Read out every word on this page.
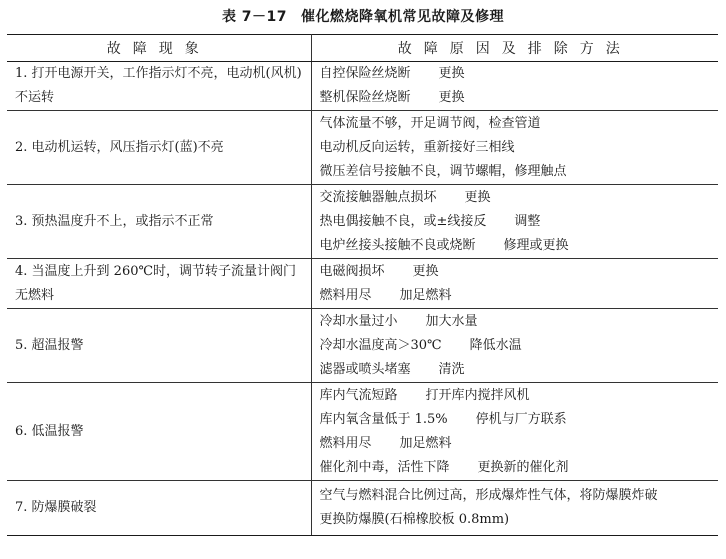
表 7－17 催化燃烧降氧机常见故障及修理
故障现象	故障原因及排除方法
1. 打开电源开关，工作指示灯不亮，电动机(风机)不运转	自控保险丝烧断 更换
整机保险丝烧断 更换

2. 电动机运转，风压指示灯(蓝)不亮	气体流量不够，开足调节阀，检查管道
电动机反向运转，重新接好三相线
微压差信号接触不良，调节螺帽，修理触点

3. 预热温度升不上，或指示不正常	交流接触器触点损坏 更换
热电偶接触不良，或±线接反 调整
电炉丝接头接触不良或烧断 修理或更换

4. 当温度上升到 260℃时，调节转子流量计阀门无燃料	电磁阀损坏 更换
燃料用尽 加足燃料

5. 超温报警	冷却水量过小 加大水量
冷却水温度高＞30℃ 降低水温
滤器或喷头堵塞 清洗

6. 低温报警	库内气流短路 打开库内搅拌风机
库内氧含量低于 1.5% 停机与厂方联系
燃料用尽 加足燃料
催化剂中毒，活性下降 更换新的催化剂

7. 防爆膜破裂	空气与燃料混合比例过高，形成爆炸性气体，将防爆膜炸破
更换防爆膜(石棉橡胶板 0.8mm)
